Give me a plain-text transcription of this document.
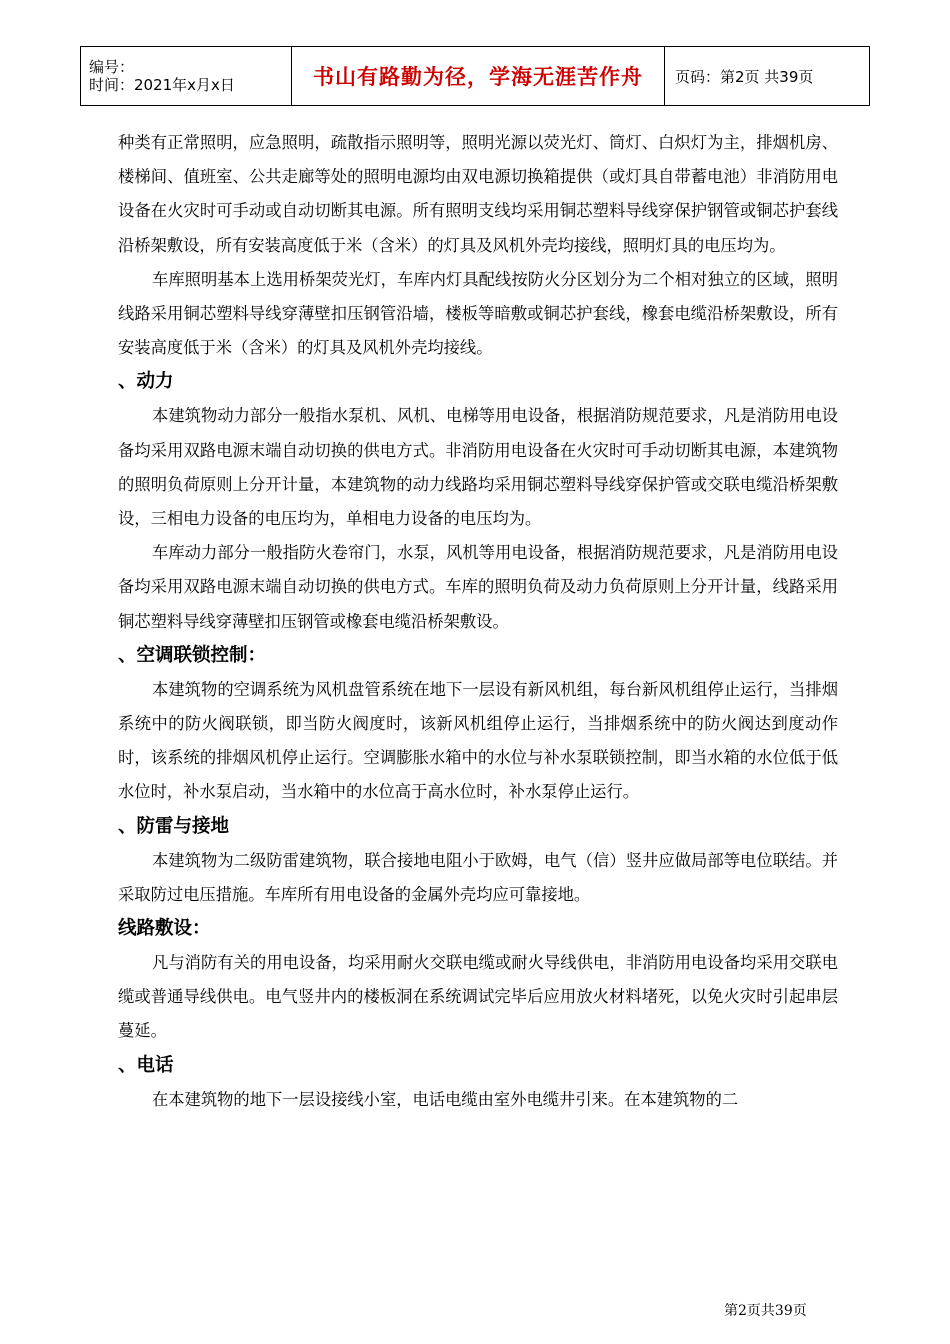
编号：
时间：2021年x月x日	书山有路勤为径，学海无涯苦作舟	页码：第2页 共39页

种类有正常照明，应急照明，疏散指示照明等，照明光源以荧光灯、筒灯、白炽灯为主，排烟机房、楼梯间、值班室、公共走廊等处的照明电源均由双电源切换箱提供（或灯具自带蓄电池）非消防用电设备在火灾时可手动或自动切断其电源。所有照明支线均采用铜芯塑料导线穿保护钢管或铜芯护套线沿桥架敷设，所有安装高度低于米（含米）的灯具及风机外壳均接线，照明灯具的电压均为。

车库照明基本上选用桥架荧光灯，车库内灯具配线按防火分区划分为二个相对独立的区域，照明线路采用铜芯塑料导线穿薄壁扣压钢管沿墙，楼板等暗敷或铜芯护套线，橡套电缆沿桥架敷设，所有安装高度低于米（含米）的灯具及风机外壳均接线。

、动力

本建筑物动力部分一般指水泵机、风机、电梯等用电设备，根据消防规范要求，凡是消防用电设备均采用双路电源末端自动切换的供电方式。非消防用电设备在火灾时可手动切断其电源，本建筑物的照明负荷原则上分开计量，本建筑物的动力线路均采用铜芯塑料导线穿保护管或交联电缆沿桥架敷设，三相电力设备的电压均为，单相电力设备的电压均为。

车库动力部分一般指防火卷帘门，水泵，风机等用电设备，根据消防规范要求，凡是消防用电设备均采用双路电源末端自动切换的供电方式。车库的照明负荷及动力负荷原则上分开计量，线路采用铜芯塑料导线穿薄壁扣压钢管或橡套电缆沿桥架敷设。

、空调联锁控制：

本建筑物的空调系统为风机盘管系统在地下一层设有新风机组，每台新风机组停止运行，当排烟系统中的防火阀联锁，即当防火阀度时，该新风机组停止运行，当排烟系统中的防火阀达到度动作时，该系统的排烟风机停止运行。空调膨胀水箱中的水位与补水泵联锁控制，即当水箱的水位低于低水位时，补水泵启动，当水箱中的水位高于高水位时，补水泵停止运行。

、防雷与接地

本建筑物为二级防雷建筑物，联合接地电阻小于欧姆，电气（信）竖井应做局部等电位联结。并采取防过电压措施。车库所有用电设备的金属外壳均应可靠接地。

线路敷设：

凡与消防有关的用电设备，均采用耐火交联电缆或耐火导线供电，非消防用电设备均采用交联电缆或普通导线供电。电气竖井内的楼板洞在系统调试完毕后应用放火材料堵死，以免火灾时引起串层蔓延。

、电话

在本建筑物的地下一层设接线小室，电话电缆由室外电缆井引来。在本建筑物的二

第2页共39页
